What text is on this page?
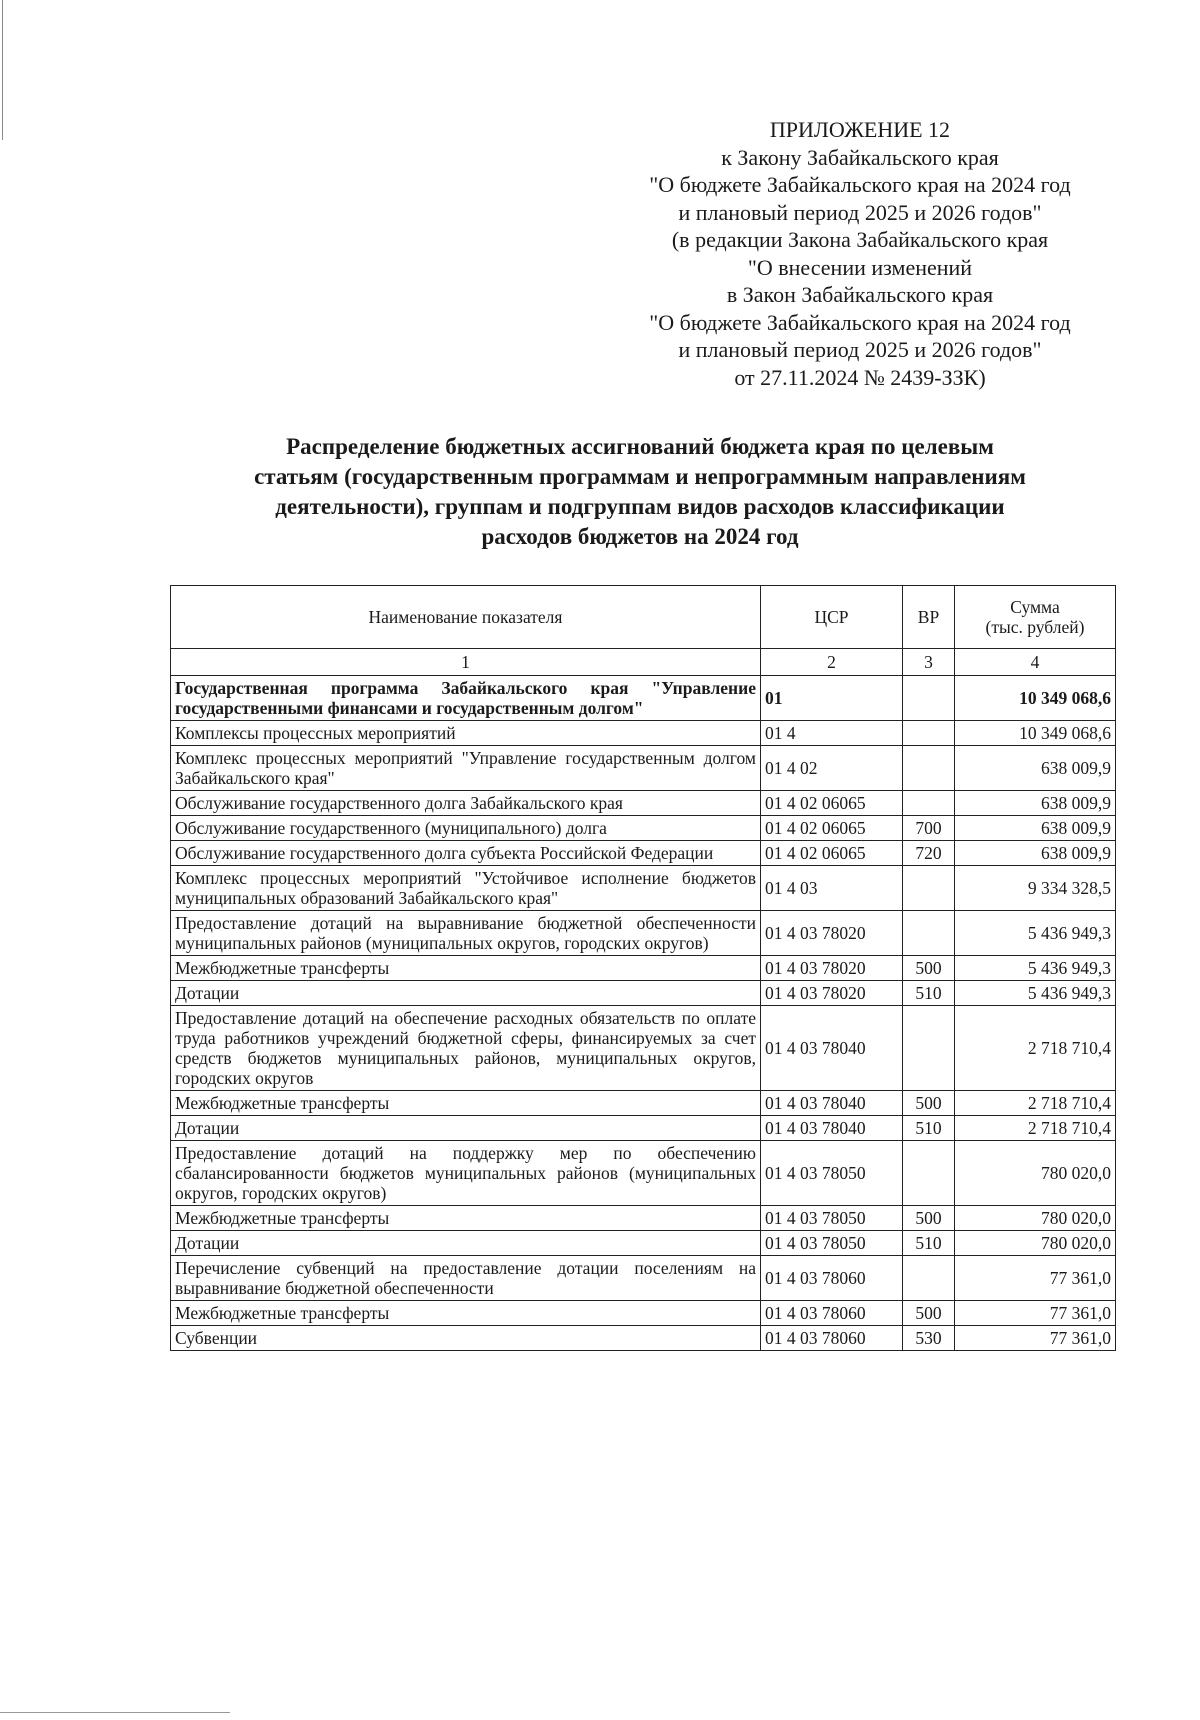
ПРИЛОЖЕНИЕ 12
к Закону Забайкальского края
"О бюджете Забайкальского края на 2024 год
и плановый период 2025 и 2026 годов"
(в редакции Закона Забайкальского края
"О внесении изменений
в Закон Забайкальского края
"О бюджете Забайкальского края на 2024 год
и плановый период 2025 и 2026 годов"
от 27.11.2024 № 2439-ЗЗК)
Распределение бюджетных ассигнований бюджета края по целевым
статьям (государственным программам и непрограммным направлениям
деятельности), группам и подгруппам видов расходов классификации
расходов бюджетов на 2024 год
Наименование показателя	ЦСР	ВР	Сумма
(тыс. рублей)

1	2	3	4
Государственная программа Забайкальского края "Управление государственными финансами и государственным долгом"	01		10 349 068,6
Комплексы процессных мероприятий	01 4		10 349 068,6
Комплекс процессных мероприятий "Управление государственным долгом Забайкальского края"	01 4 02		638 009,9
Обслуживание государственного долга Забайкальского края	01 4 02 06065		638 009,9
Обслуживание государственного (муниципального) долга	01 4 02 06065	700	638 009,9
Обслуживание государственного долга субъекта Российской Федерации	01 4 02 06065	720	638 009,9
Комплекс процессных мероприятий "Устойчивое исполнение бюджетов муниципальных образований Забайкальского края"	01 4 03		9 334 328,5
Предоставление дотаций на выравнивание бюджетной обеспеченности муниципальных районов (муниципальных округов, городских округов)	01 4 03 78020		5 436 949,3
Межбюджетные трансферты	01 4 03 78020	500	5 436 949,3
Дотации	01 4 03 78020	510	5 436 949,3
Предоставление дотаций на обеспечение расходных обязательств по оплате труда работников учреждений бюджетной сферы, финансируемых за счет средств бюджетов муниципальных районов, муниципальных округов, городских округов	01 4 03 78040		2 718 710,4
Межбюджетные трансферты	01 4 03 78040	500	2 718 710,4
Дотации	01 4 03 78040	510	2 718 710,4
Предоставление дотаций на поддержку мер по обеспечению сбалансированности бюджетов муниципальных районов (муниципальных округов, городских округов)	01 4 03 78050		780 020,0
Межбюджетные трансферты	01 4 03 78050	500	780 020,0
Дотации	01 4 03 78050	510	780 020,0
Перечисление субвенций на предоставление дотации поселениям на выравнивание бюджетной обеспеченности	01 4 03 78060		77 361,0
Межбюджетные трансферты	01 4 03 78060	500	77 361,0
Субвенции	01 4 03 78060	530	77 361,0
